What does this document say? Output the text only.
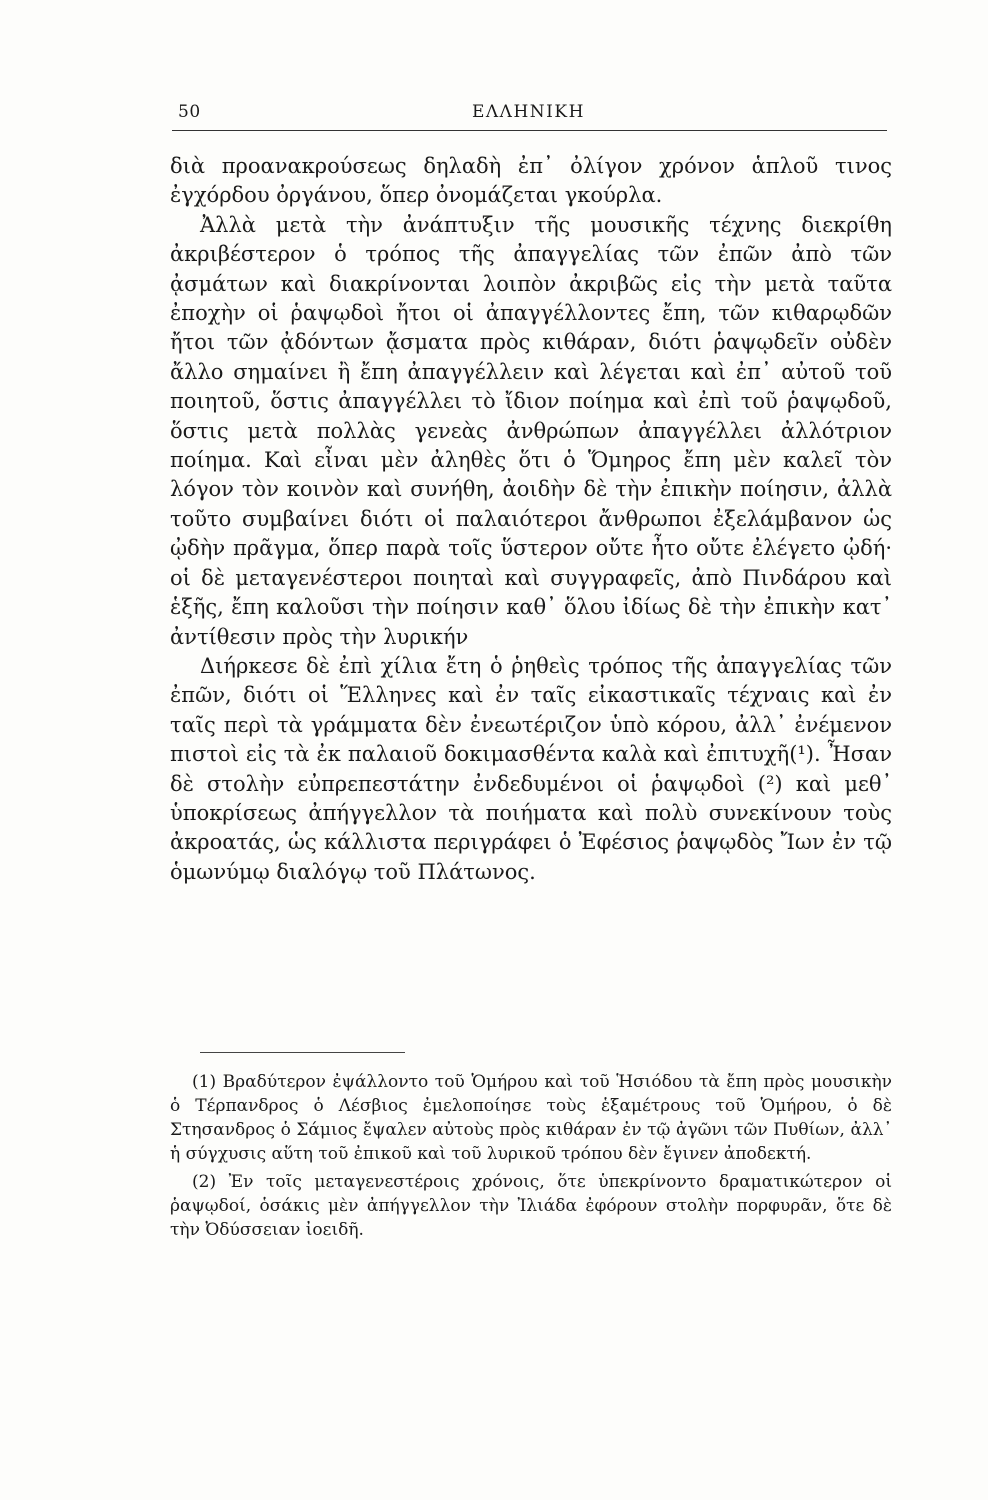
50	ΕΛΛΗΝΙΚΗ

διὰ προανακρούσεως δηλαδὴ ἐπ᾽ ὀλίγον χρόνον ἁπλοῦ τινος ἐγχόρδου ὀργάνου, ὅπερ ὀνομάζεται γκούρλα.

Ἀλλὰ μετὰ τὴν ἀνάπτυξιν τῆς μουσικῆς τέχνης διεκρίθη ἀκριβέστερον ὁ τρόπος τῆς ἀπαγγελίας τῶν ἐπῶν ἀπὸ τῶν ᾀσμάτων καὶ διακρίνονται λοιπὸν ἀκριβῶς εἰς τὴν μετὰ ταῦτα ἐποχὴν οἱ ῥαψῳδοὶ ἤτοι οἱ ἀπαγγέλλοντες ἔπη, τῶν κιθαρῳδῶν ἤτοι τῶν ᾀδόντων ᾄσματα πρὸς κιθάραν, διότι ῥαψῳδεῖν οὐδὲν ἄλλο σημαίνει ἢ ἔπη ἀπαγγέλλειν καὶ λέγεται καὶ ἐπ᾽ αὐτοῦ τοῦ ποιητοῦ, ὅστις ἀπαγγέλλει τὸ ἴδιον ποίημα καὶ ἐπὶ τοῦ ῥαψῳδοῦ, ὅστις μετὰ πολλὰς γενεὰς ἀνθρώπων ἀπαγγέλλει ἀλλότριον ποίημα. Καὶ εἶναι μὲν ἀληθὲς ὅτι ὁ Ὅμηρος ἔπη μὲν καλεῖ τὸν λόγον τὸν κοινὸν καὶ συνήθη, ἀοιδὴν δὲ τὴν ἐπικὴν ποίησιν, ἀλλὰ τοῦτο συμβαίνει διότι οἱ παλαιότεροι ἄνθρωποι ἐξελάμβανον ὡς ᾠδὴν πρᾶγμα, ὅπερ παρὰ τοῖς ὕστερον οὔτε ἦτο οὔτε ἐλέγετο ᾠδή· οἱ δὲ μεταγενέστεροι ποιηταὶ καὶ συγγραφεῖς, ἀπὸ Πινδάρου καὶ ἑξῆς, ἔπη καλοῦσι τὴν ποίησιν καθ᾽ ὅλου ἰδίως δὲ τὴν ἐπικὴν κατ᾽ ἀντίθεσιν πρὸς τὴν λυρικήν

Διήρκεσε δὲ ἐπὶ χίλια ἔτη ὁ ῥηθεὶς τρόπος τῆς ἀπαγγελίας τῶν ἐπῶν, διότι οἱ Ἕλληνες καὶ ἐν ταῖς εἰκαστικαῖς τέχναις καὶ ἐν ταῖς περὶ τὰ γράμματα δὲν ἐνεωτέριζον ὑπὸ κόρου, ἀλλ᾽ ἐνέμενον πιστοὶ εἰς τὰ ἐκ παλαιοῦ δοκιμασθέντα καλὰ καὶ ἐπιτυχῆ(¹). Ἦσαν δὲ στολὴν εὐπρεπεστάτην ἐνδεδυμένοι οἱ ῥαψῳδοὶ (²) καὶ μεθ᾽ ὑποκρίσεως ἀπήγγελλον τὰ ποιήματα καὶ πολὺ συνεκίνουν τοὺς ἀκροατάς, ὡς κάλλιστα περιγράφει ὁ Ἐφέσιος ῥαψῳδὸς Ἴων ἐν τῷ ὁμωνύμῳ διαλόγῳ τοῦ Πλάτωνος.

(1) Βραδύτερον ἐψάλλοντο τοῦ Ὁμήρου καὶ τοῦ Ἡσιόδου τὰ ἔπη πρὸς μουσικὴν ὁ Τέρπανδρος ὁ Λέσβιος ἐμελοποίησε τοὺς ἑξαμέτρους τοῦ Ὁμήρου, ὁ δὲ Στησανδρος ὁ Σάμιος ἔψαλεν αὐτοὺς πρὸς κιθάραν ἐν τῷ ἀγῶνι τῶν Πυθίων, ἀλλ᾽ ἡ σύγχυσις αὕτη τοῦ ἐπικοῦ καὶ τοῦ λυρικοῦ τρόπου δὲν ἔγινεν ἀποδεκτή.

(2) Ἐν τοῖς μεταγενεστέροις χρόνοις, ὅτε ὑπεκρίνοντο δραματικώτερον οἱ ῥαψῳδοί, ὁσάκις μὲν ἀπήγγελλον τὴν Ἰλιάδα ἐφόρουν στολὴν πορφυρᾶν, ὅτε δὲ τὴν Ὀδύσσειαν ἰοειδῆ.
